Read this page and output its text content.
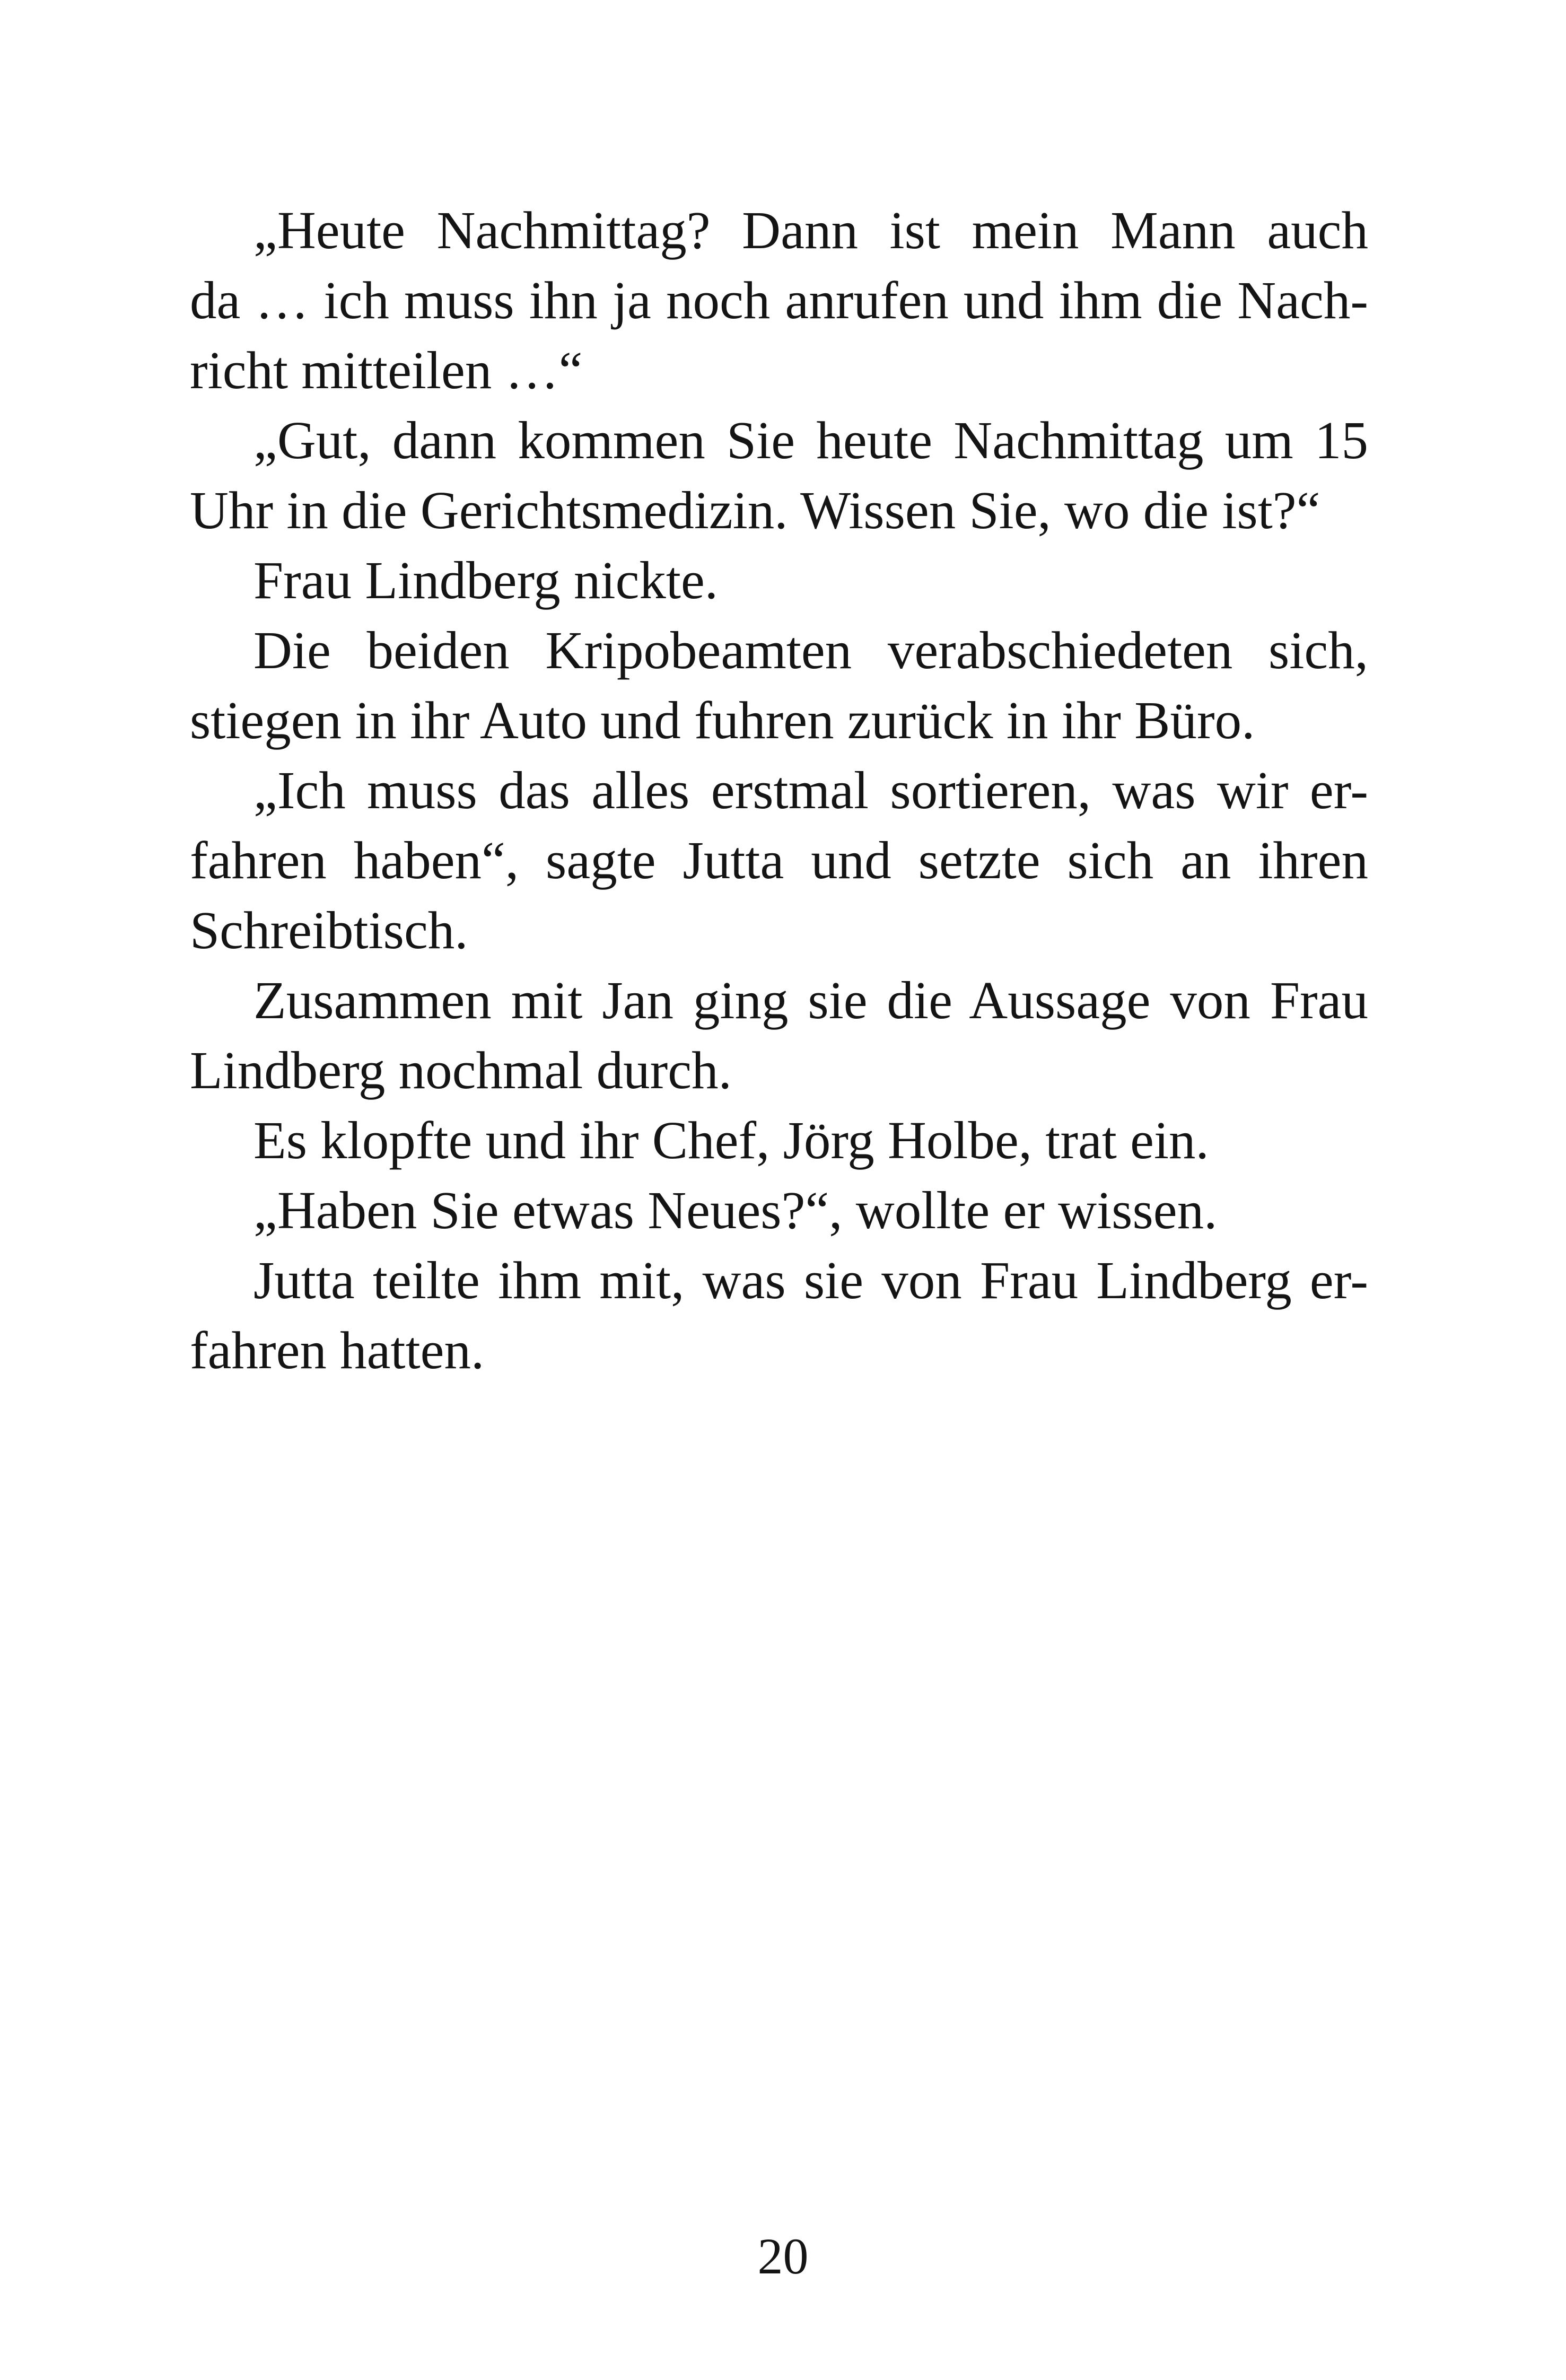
„Heute Nachmittag? Dann ist mein Mann auch
da … ich muss ihn ja noch anrufen und ihm die Nach-
richt mitteilen …“
„Gut, dann kommen Sie heute Nachmittag um 15
Uhr in die Gerichtsmedizin. Wissen Sie, wo die ist?“
Frau Lindberg nickte.
Die beiden Kripobeamten verabschiedeten sich,
stiegen in ihr Auto und fuhren zurück in ihr Büro.
„Ich muss das alles erstmal sortieren, was wir er-
fahren haben“, sagte Jutta und setzte sich an ihren
Schreibtisch.
Zusammen mit Jan ging sie die Aussage von Frau
Lindberg nochmal durch.
Es klopfte und ihr Chef, Jörg Holbe, trat ein.
„Haben Sie etwas Neues?“, wollte er wissen.
Jutta teilte ihm mit, was sie von Frau Lindberg er-
fahren hatten.
20
